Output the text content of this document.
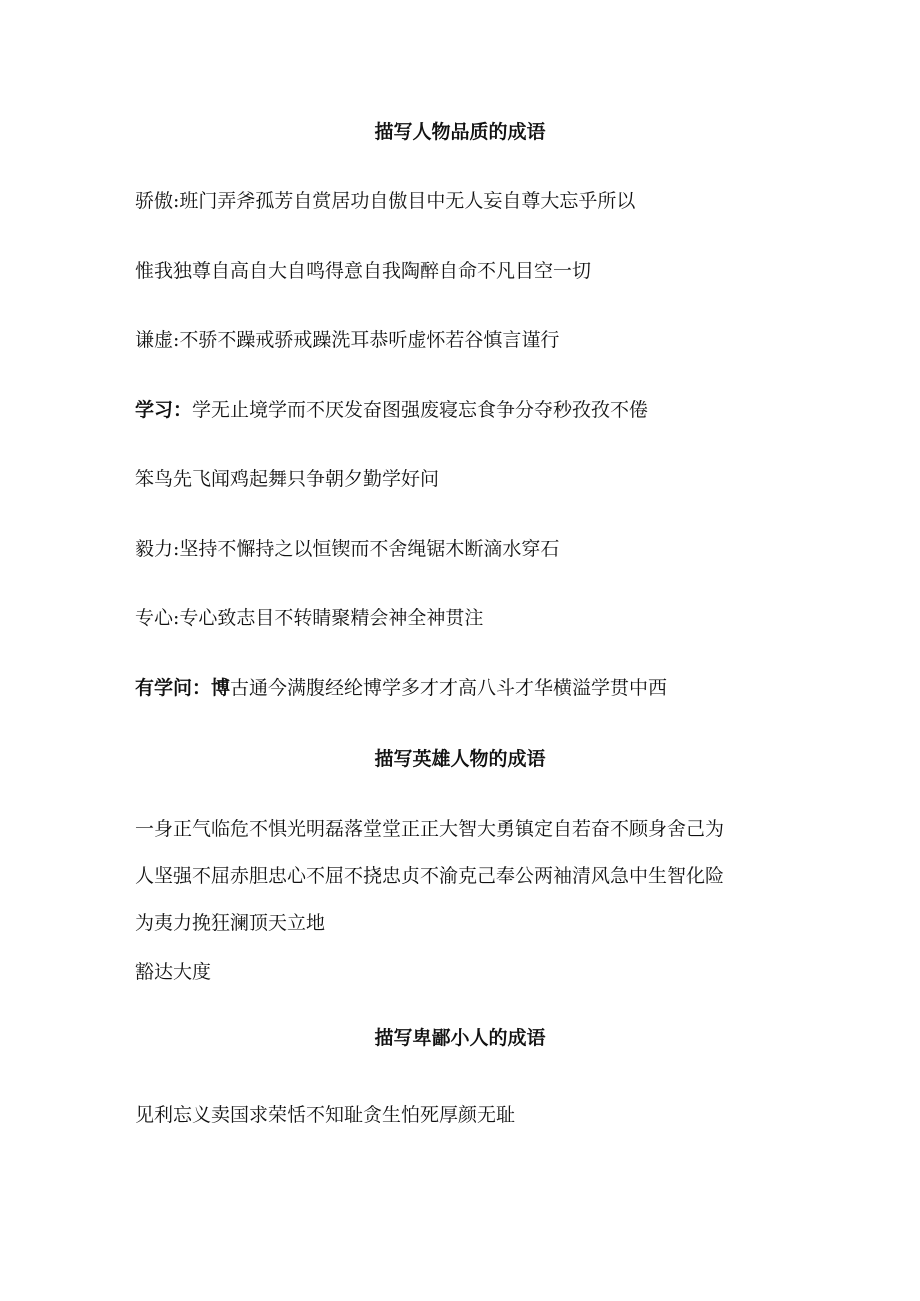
描写人物品质的成语
骄傲:班门弄斧孤芳自赏居功自傲目中无人妄自尊大忘乎所以
惟我独尊自高自大自鸣得意自我陶醉自命不凡目空一切
谦虚:不骄不躁戒骄戒躁洗耳恭听虚怀若谷慎言谨行
学习：学无止境学而不厌发奋图强废寝忘食争分夺秒孜孜不倦
笨鸟先飞闻鸡起舞只争朝夕勤学好问
毅力:坚持不懈持之以恒锲而不舍绳锯木断滴水穿石
专心:专心致志目不转睛聚精会神全神贯注
有学问：博古通今满腹经纶博学多才才高八斗才华横溢学贯中西
描写英雄人物的成语
一身正气临危不惧光明磊落堂堂正正大智大勇镇定自若奋不顾身舍己为
人坚强不屈赤胆忠心不屈不挠忠贞不渝克己奉公两袖清风急中生智化险
为夷力挽狂澜顶天立地
豁达大度
描写卑鄙小人的成语
见利忘义卖国求荣恬不知耻贪生怕死厚颜无耻
